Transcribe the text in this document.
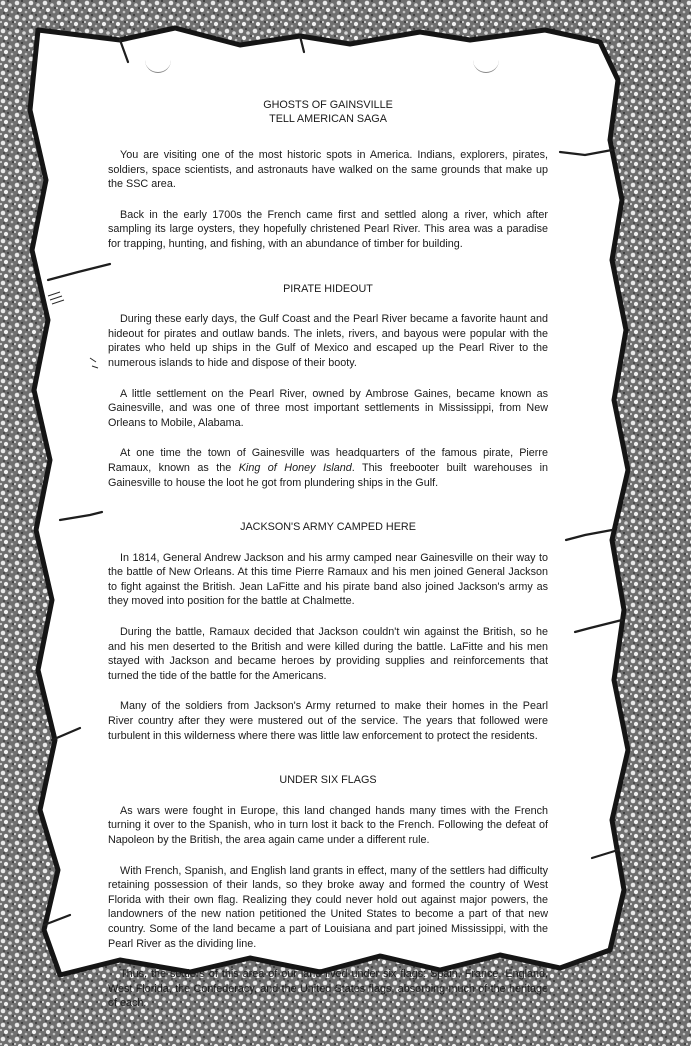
GHOSTS OF GAINSVILLE
TELL AMERICAN SAGA

You are visiting one of the most historic spots in America. Indians, explorers, pirates, soldiers, space scientists, and astronauts have walked on the same grounds that make up the SSC area.

Back in the early 1700s the French came first and settled along a river, which after sampling its large oysters, they hopefully christened Pearl River. This area was a paradise for trapping, hunting, and fishing, with an abundance of timber for building.

PIRATE HIDEOUT

During these early days, the Gulf Coast and the Pearl River became a favorite haunt and hideout for pirates and outlaw bands. The inlets, rivers, and bayous were popular with the pirates who held up ships in the Gulf of Mexico and escaped up the Pearl River to the numerous islands to hide and dispose of their booty.

A little settlement on the Pearl River, owned by Ambrose Gaines, became known as Gainesville, and was one of three most important settlements in Mississippi, from New Orleans to Mobile, Alabama.

At one time the town of Gainesville was headquarters of the famous pirate, Pierre Ramaux, known as the King of Honey Island. This freebooter built warehouses in Gainesville to house the loot he got from plundering ships in the Gulf.

JACKSON'S ARMY CAMPED HERE

In 1814, General Andrew Jackson and his army camped near Gainesville on their way to the battle of New Orleans. At this time Pierre Ramaux and his men joined General Jackson to fight against the British. Jean LaFitte and his pirate band also joined Jackson's army as they moved into position for the battle at Chalmette.

During the battle, Ramaux decided that Jackson couldn't win against the British, so he and his men deserted to the British and were killed during the battle. LaFitte and his men stayed with Jackson and became heroes by providing supplies and reinforcements that turned the tide of the battle for the Americans.

Many of the soldiers from Jackson's Army returned to make their homes in the Pearl River country after they were mustered out of the service. The years that followed were turbulent in this wilderness where there was little law enforcement to protect the residents.

UNDER SIX FLAGS

As wars were fought in Europe, this land changed hands many times with the French turning it over to the Spanish, who in turn lost it back to the French. Following the defeat of Napoleon by the British, the area again came under a different rule.

With French, Spanish, and English land grants in effect, many of the settlers had difficulty retaining possession of their lands, so they broke away and formed the country of West Florida with their own flag. Realizing they could never hold out against major powers, the landowners of the new nation petitioned the United States to become a part of that new country. Some of the land became a part of Louisiana and part joined Mississippi, with the Pearl River as the dividing line.

Thus, the settlers of this area of our land lived under six flags: Spain, France, England, West Florida, the Confederacy, and the United States flags, absorbing much of the heritage of each.
